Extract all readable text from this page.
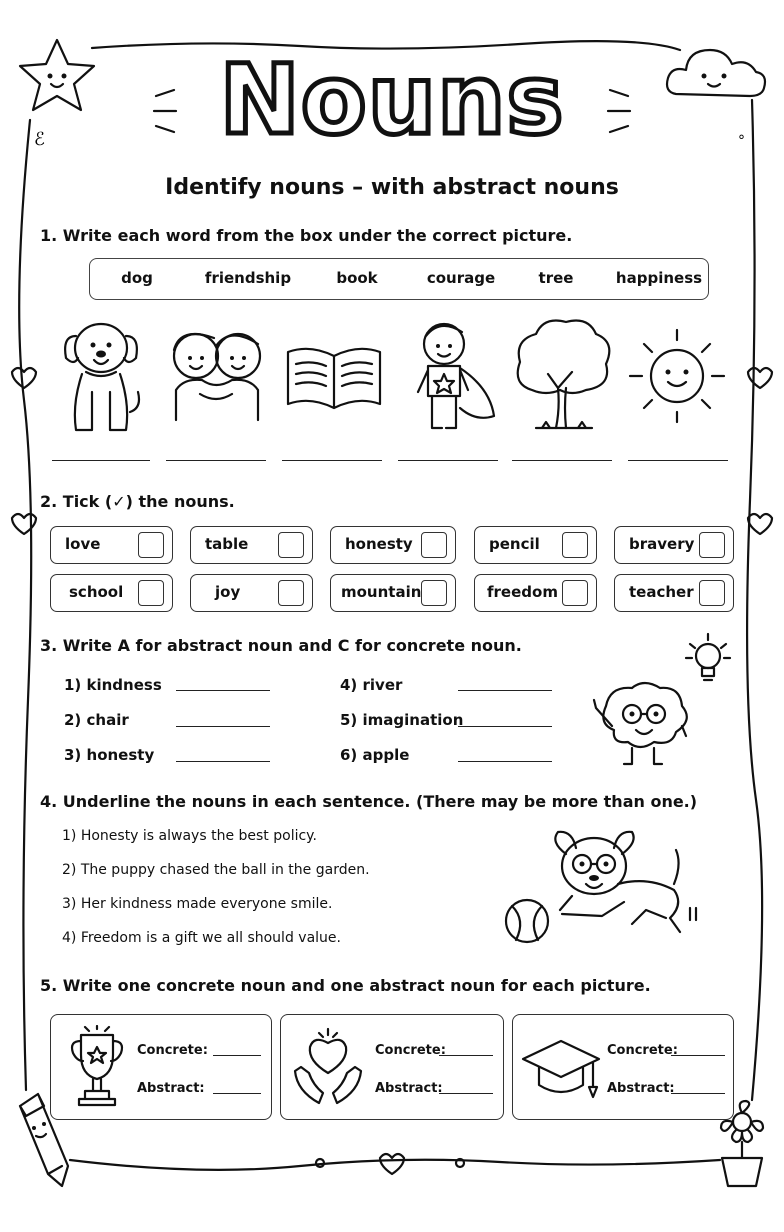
ℰ	°
Nouns
Identify nouns – with abstract nouns
1. Write each word from the box under the correct picture.
dog	friendship	book	courage	tree	happiness
2. Tick (✓) the nouns.
love	table	honesty	pencil	bravery
school	joy	mountain	freedom	teacher
3. Write A for abstract noun and C for concrete noun.
1) kindness
2) chair
3) honesty
4) river
5) imagination
6) apple
4. Underline the nouns in each sentence. (There may be more than one.)
1) Honesty is always the best policy.
2) The puppy chased the ball in the garden.
3) Her kindness made everyone smile.
4) Freedom is a gift we all should value.
5. Write one concrete noun and one abstract noun for each picture.
Concrete:
Abstract:
Concrete:
Abstract:
Concrete:
Abstract:
